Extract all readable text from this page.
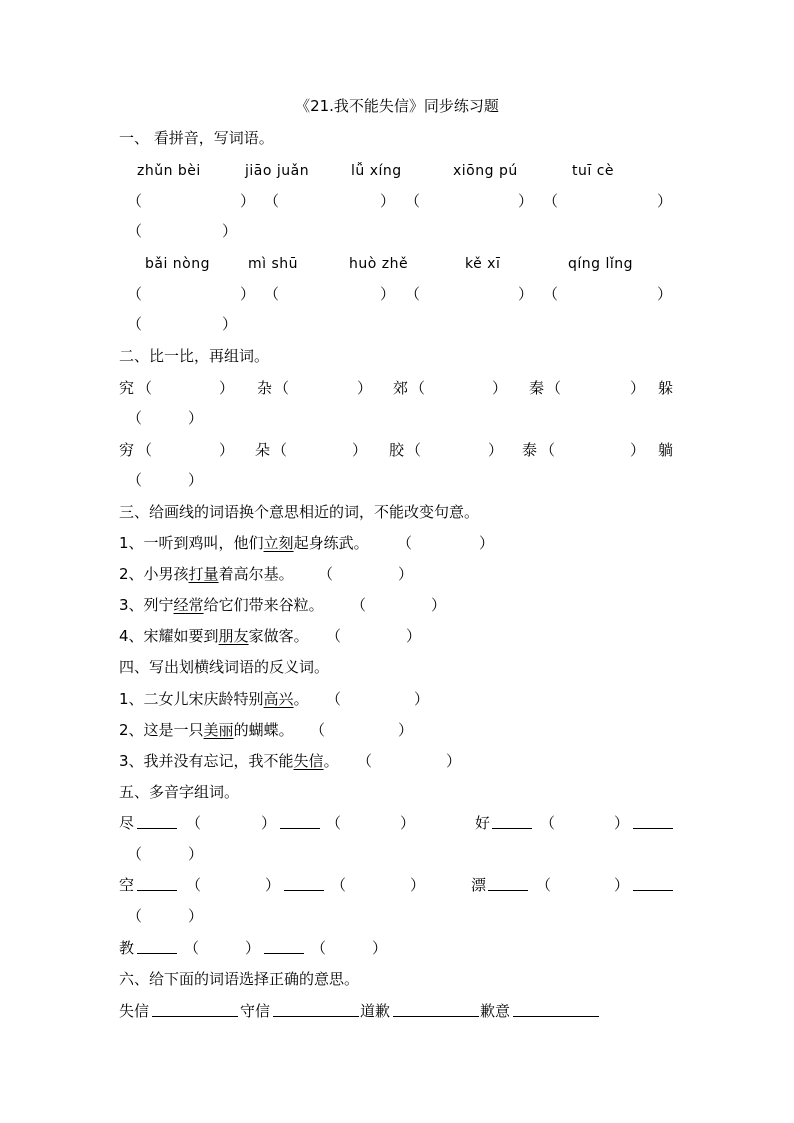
《21.我不能失信》同步练习题
一、 看拼音，写词语。
zhǔn bèi	jiāo juǎn	lǚ xíng	xiōng pú	tuī cè
（	） （	） （	） （	）
（	）
bǎi nòng	mì shū	huò zhě	kě xī	qíng lǐng
（	） （	） （	） （	）
（	）
二、比一比，再组词。
究 （	） 杂 （	） 郊 （	） 秦 （	） 躲
（	）
穷 （	） 朵 （	） 胶 （	） 泰 （	） 躺
（	）
三、给画线的词语换个意思相近的词，不能改变句意。
1、一听到鸡叫，他们立刻起身练武。 （	）
2、小男孩打量着高尔基。 （	）
3、列宁经常给它们带来谷粒。 （	）
4、宋耀如要到朋友家做客。 （	）
四、写出划横线词语的反义词。
1、二女儿宋庆龄特别高兴。 （	）
2、这是一只美丽的蝴蝶。 （	）
3、我并没有忘记，我不能失信。 （	）
五、多音字组词。
尽	（	）	（	）	好	（	）
（	）
空	（	）	（	）	漂	（	）
（	）
教	（	）	（	）
六、给下面的词语选择正确的意思。
失信	守信	道歉	歉意
